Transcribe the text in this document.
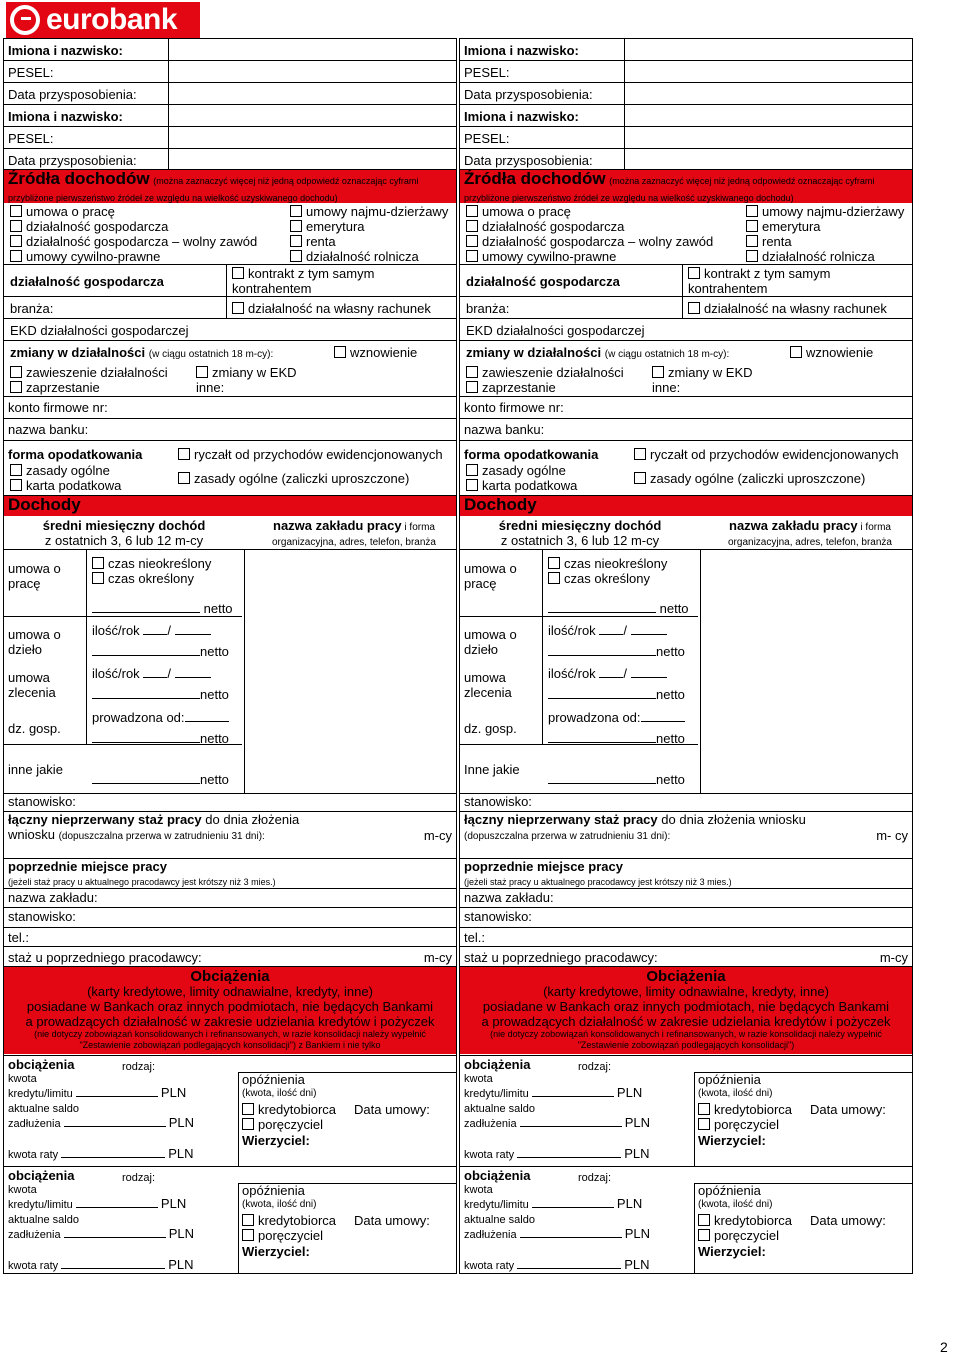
eurobank
Imiona i nazwisko:
PESEL:
Data przysposobienia:
Imiona i nazwisko:
PESEL:
Data przysposobienia:
Źródła dochodów (można zaznaczyć więcej niż jedną odpowiedź oznaczając cyframi
przybliżone pierwszeństwo źródeł ze względu na wielkość uzyskiwanego dochodu)
umowa o pracę
działalność gospodarcza
działalność gospodarcza – wolny zawód
umowy cywilno-prawne
umowy najmu-dzierżawy
emerytura
renta
działalność rolnicza
działalność gospodarcza
kontrakt z tym samym kontrahentem
branża:	działalność na własny rachunek
EKD działalności gospodarczej
zmiany w działalności (w ciągu ostatnich 18 m-cy):	wznowienie
zawieszenie działalności
zaprzestanie
zmiany w EKD
inne:
konto firmowe nr:
nazwa banku:
forma opodatkowania
zasady ogólne
karta podatkowa
ryczałt od przychodów ewidencjonowanych
zasady ogólne (zaliczki uproszczone)
Dochody
średni miesięczny dochód
z ostatnich 3, 6 lub 12 m-cy
nazwa zakładu pracy i forma
organizacyjna, adres, telefon, branża
umowa o pracę
czas nieokreślony
czas określony
netto
umowa o dzieło
ilość/rok /
netto
umowa zlecenia
ilość/rok /
netto
dz. gosp.
prowadzona od:
netto
inne jakie
netto
stanowisko:
łączny nieprzerwany staż pracy do dnia złożenia wniosku (dopuszczalna przerwa w zatrudnieniu 31 dni):	m-cy
poprzednie miejsce pracy
(jeżeli staż pracy u aktualnego pracodawcy jest krótszy niż 3 mies.)
nazwa zakładu:
stanowisko:
tel.:
staż u poprzedniego pracodawcy:	m-cy
Obciążenia
(karty kredytowe, limity odnawialne, kredyty, inne)
posiadane w Bankach oraz innych podmiotach, nie będących Bankami
a prowadzących działalność w zakresie udzielania kredytów i pożyczek
(nie dotyczy zobowiązań konsolidowanych i refinansowanych, w razie konsolidacji należy wypełnić
"Zestawienie zobowiązań podlegających konsolidacji") z Bankiem i nie tylko
obciążenia	rodzaj:
kwota
kredytu/limitu	PLN
aktualne saldo
zadłużenia	PLN
kwota raty	PLN
opóźnienia
(kwota, ilość dni)
kredytobiorca
poręczyciel
Data umowy:
Wierzyciel:
obciążenia	rodzaj:
kwota
kredytu/limitu	PLN
aktualne saldo
zadłużenia	PLN
kwota raty	PLN
opóźnienia
(kwota, ilość dni)
kredytobiorca
poręczyciel
Data umowy:
Wierzyciel:
Imiona i nazwisko:
PESEL:
Data przysposobienia:
Imiona i nazwisko:
PESEL:
Data przysposobienia:
Źródła dochodów (można zaznaczyć więcej niż jedną odpowiedź oznaczając cyframi
przybliżone pierwszeństwo źródeł ze względu na wielkość uzyskiwanego dochodu)
umowa o pracę
działalność gospodarcza
działalność gospodarcza – wolny zawód
umowy cywilno-prawne
umowy najmu-dzierżawy
emerytura
renta
działalność rolnicza
działalność gospodarcza
kontrakt z tym samym kontrahentem
branża:	działalność na własny rachunek
EKD działalności gospodarczej
zmiany w działalności (w ciągu ostatnich 18 m-cy):	wznowienie
zawieszenie działalności
zaprzestanie
zmiany w EKD
inne:
konto firmowe nr:
nazwa banku:
forma opodatkowania
zasady ogólne
karta podatkowa
ryczałt od przychodów ewidencjonowanych
zasady ogólne (zaliczki uproszczone)
Dochody
średni miesięczny dochód
z ostatnich 3, 6 lub 12 m-cy
nazwa zakładu pracy i forma
organizacyjna, adres, telefon, branża
umowa o pracę
czas nieokreślony
czas określony
netto
umowa o dzieło
ilość/rok /
netto
umowa zlecenia
ilość/rok /
netto
dz. gosp.
prowadzona od:
netto
Inne jakie
netto
stanowisko:
łączny nieprzerwany staż pracy do dnia złożenia wniosku (dopuszczalna przerwa w zatrudnieniu 31 dni):	m- cy
poprzednie miejsce pracy
(jeżeli staż pracy u aktualnego pracodawcy jest krótszy niż 3 mies.)
nazwa zakładu:
stanowisko:
tel.:
staż u poprzedniego pracodawcy:	m-cy
Obciążenia
(karty kredytowe, limity odnawialne, kredyty, inne)
posiadane w Bankach oraz innych podmiotach, nie będących Bankami
a prowadzących działalność w zakresie udzielania kredytów i pożyczek
(nie dotyczy zobowiązań konsolidowanych i refinansowanych, w razie konsolidacji należy wypełnić
"Zestawienie zobowiązań podlegających konsolidacji")
obciążenia	rodzaj:
kwota
kredytu/limitu	PLN
aktualne saldo
zadłużenia	PLN
kwota raty	PLN
opóźnienia
(kwota, ilość dni)
kredytobiorca
poręczyciel
Data umowy:
Wierzyciel:
obciążenia	rodzaj:
kwota
kredytu/limitu	PLN
aktualne saldo
zadłużenia	PLN
kwota raty	PLN
opóźnienia
(kwota, ilość dni)
kredytobiorca
poręczyciel
Data umowy:
Wierzyciel:
2
